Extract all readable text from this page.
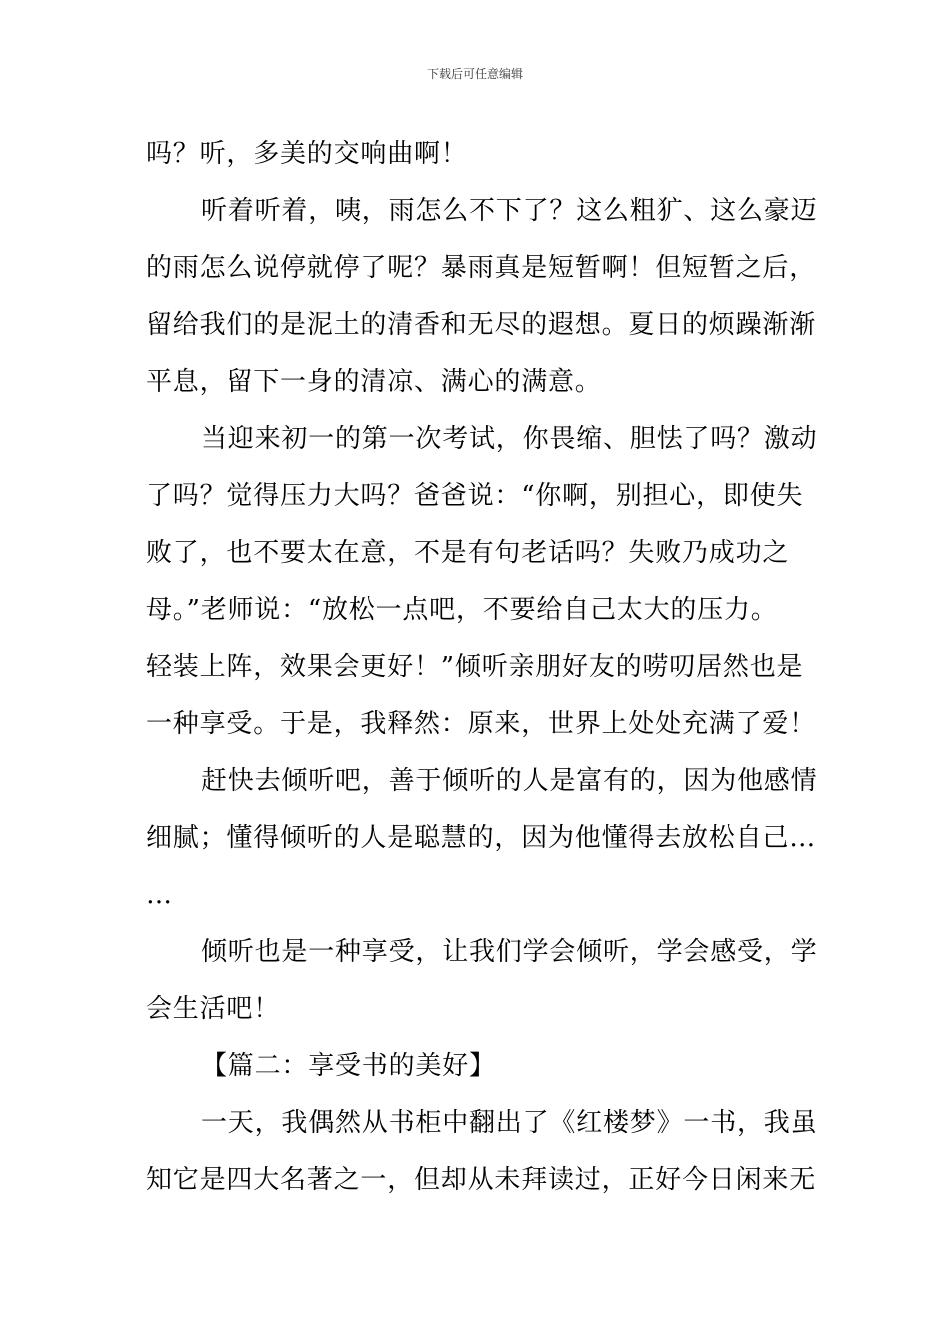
下载后可任意编辑

吗？听，多美的交响曲啊！

听着听着，咦，雨怎么不下了？这么粗犷、这么豪迈

的雨怎么说停就停了呢？暴雨真是短暂啊！但短暂之后，

留给我们的是泥土的清香和无尽的遐想。夏日的烦躁渐渐

平息，留下一身的清凉、满心的满意。

当迎来初一的第一次考试，你畏缩、胆怯了吗？激动

了吗？觉得压力大吗？爸爸说：“你啊，别担心，即使失

败了，也不要太在意，不是有句老话吗？失败乃成功之

母。”老师说：“放松一点吧，不要给自己太大的压力。

轻装上阵，效果会更好！”倾听亲朋好友的唠叨居然也是

一种享受。于是，我释然：原来，世界上处处充满了爱！

赶快去倾听吧，善于倾听的人是富有的，因为他感情

细腻；懂得倾听的人是聪慧的，因为他懂得去放松自己…

…

倾听也是一种享受，让我们学会倾听，学会感受，学

会生活吧！

【篇二：享受书的美好】

一天，我偶然从书柜中翻出了《红楼梦》一书，我虽

知它是四大名著之一，但却从未拜读过，正好今日闲来无
